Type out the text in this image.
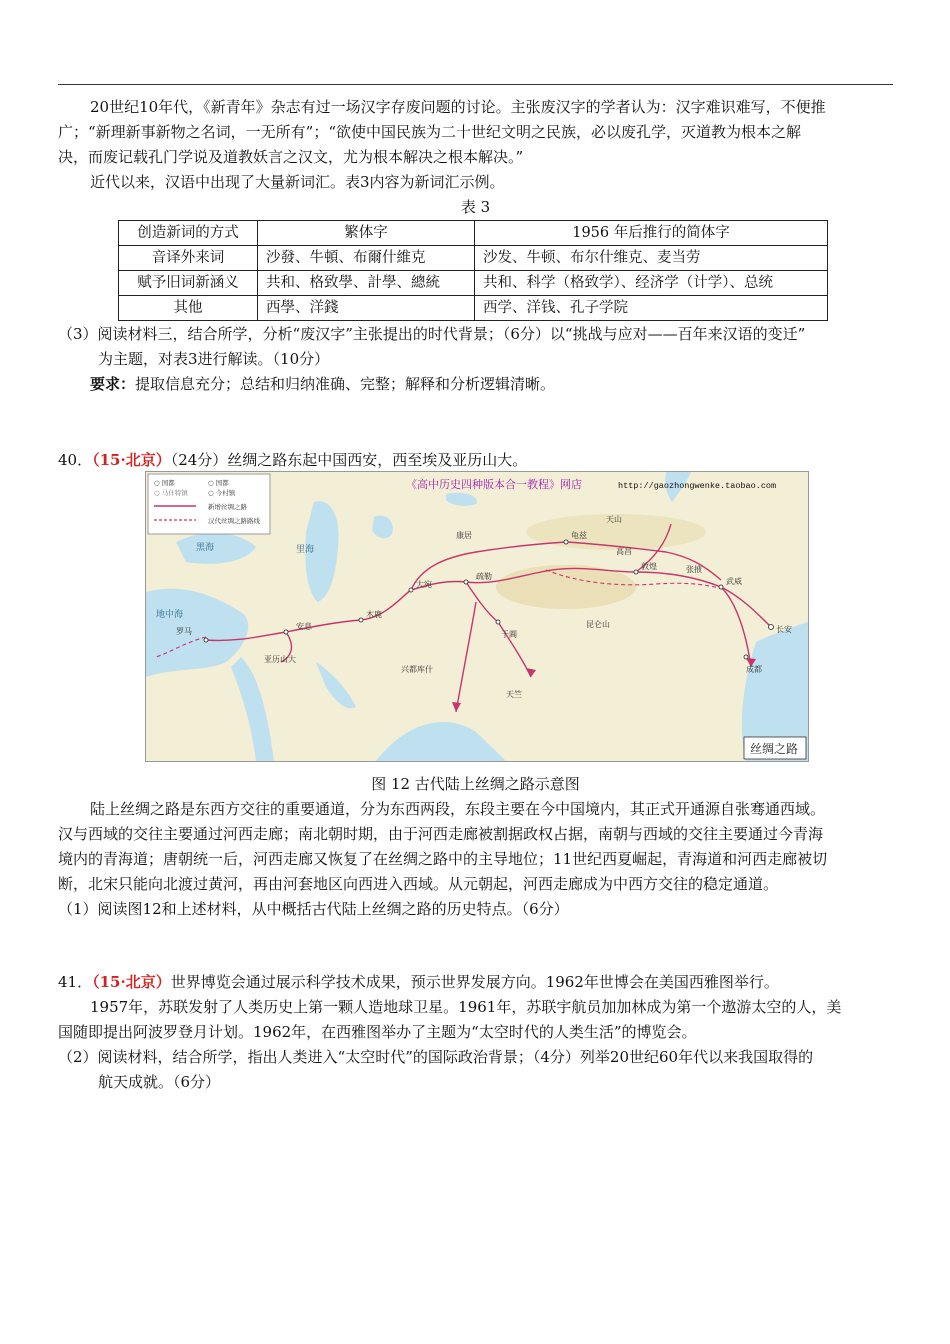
20世纪10年代，《新青年》杂志有过一场汉字存废问题的讨论。主张废汉字的学者认为：汉字难识难写，不便推

广；“新理新事新物之名词，一无所有”；“欲使中国民族为二十世纪文明之民族，必以废孔学，灭道教为根本之解

决，而废记载孔门学说及道教妖言之汉文，尤为根本解决之根本解决。”

近代以来，汉语中出现了大量新词汇。表3内容为新词汇示例。

表 3

创造新词的方式	繁体字	1956 年后推行的简体字
音译外来词	沙發、牛頓、布爾什維克	沙发、牛顿、布尔什维克、麦当劳
赋予旧词新涵义	共和、格致學、計學、總統	共和、科学（格致学）、经济学（计学）、总统
其他	西學、洋錢	西学、洋钱、孔子学院

（3）阅读材料三，结合所学，分析“废汉字”主张提出的时代背景；（6分）以“挑战与应对——百年来汉语的变迁”

为主题，对表3进行解读。（10分）

要求：提取信息充分；总结和归纳准确、完整；解释和分析逻辑清晰。

40．（15·北京）（24分）丝绸之路东起中国西安，西至埃及亚历山大。

○ 国都
○ 马什特镇
○ 国都
○ 今村镇
新增丝绸之路
汉代丝绸之路路线
《高中历史四种版本合一教程》网店	http://gaozhongwenke.taobao.com
长安
武威
张掖
敦煌
高昌
龟兹
疏勒
大宛
康居
木鹿
安息
亚历山大
罗马
兴都库什
于阗
昆仑山
成都
天山
天竺
地中海
里海
黑海
丝绸之路

图 12 古代陆上丝绸之路示意图

陆上丝绸之路是东西方交往的重要通道，分为东西两段，东段主要在今中国境内，其正式开通源自张骞通西域。

汉与西域的交往主要通过河西走廊；南北朝时期，由于河西走廊被割据政权占据，南朝与西域的交往主要通过今青海

境内的青海道；唐朝统一后，河西走廊又恢复了在丝绸之路中的主导地位；11世纪西夏崛起，青海道和河西走廊被切

断，北宋只能向北渡过黄河，再由河套地区向西进入西域。从元朝起，河西走廊成为中西方交往的稳定通道。

（1）阅读图12和上述材料，从中概括古代陆上丝绸之路的历史特点。（6分）

41．（15·北京）世界博览会通过展示科学技术成果，预示世界发展方向。1962年世博会在美国西雅图举行。

1957年，苏联发射了人类历史上第一颗人造地球卫星。1961年，苏联宇航员加加林成为第一个遨游太空的人，美

国随即提出阿波罗登月计划。1962年，在西雅图举办了主题为“太空时代的人类生活”的博览会。

（2）阅读材料，结合所学，指出人类进入“太空时代”的国际政治背景；（4分）列举20世纪60年代以来我国取得的

航天成就。（6分）
